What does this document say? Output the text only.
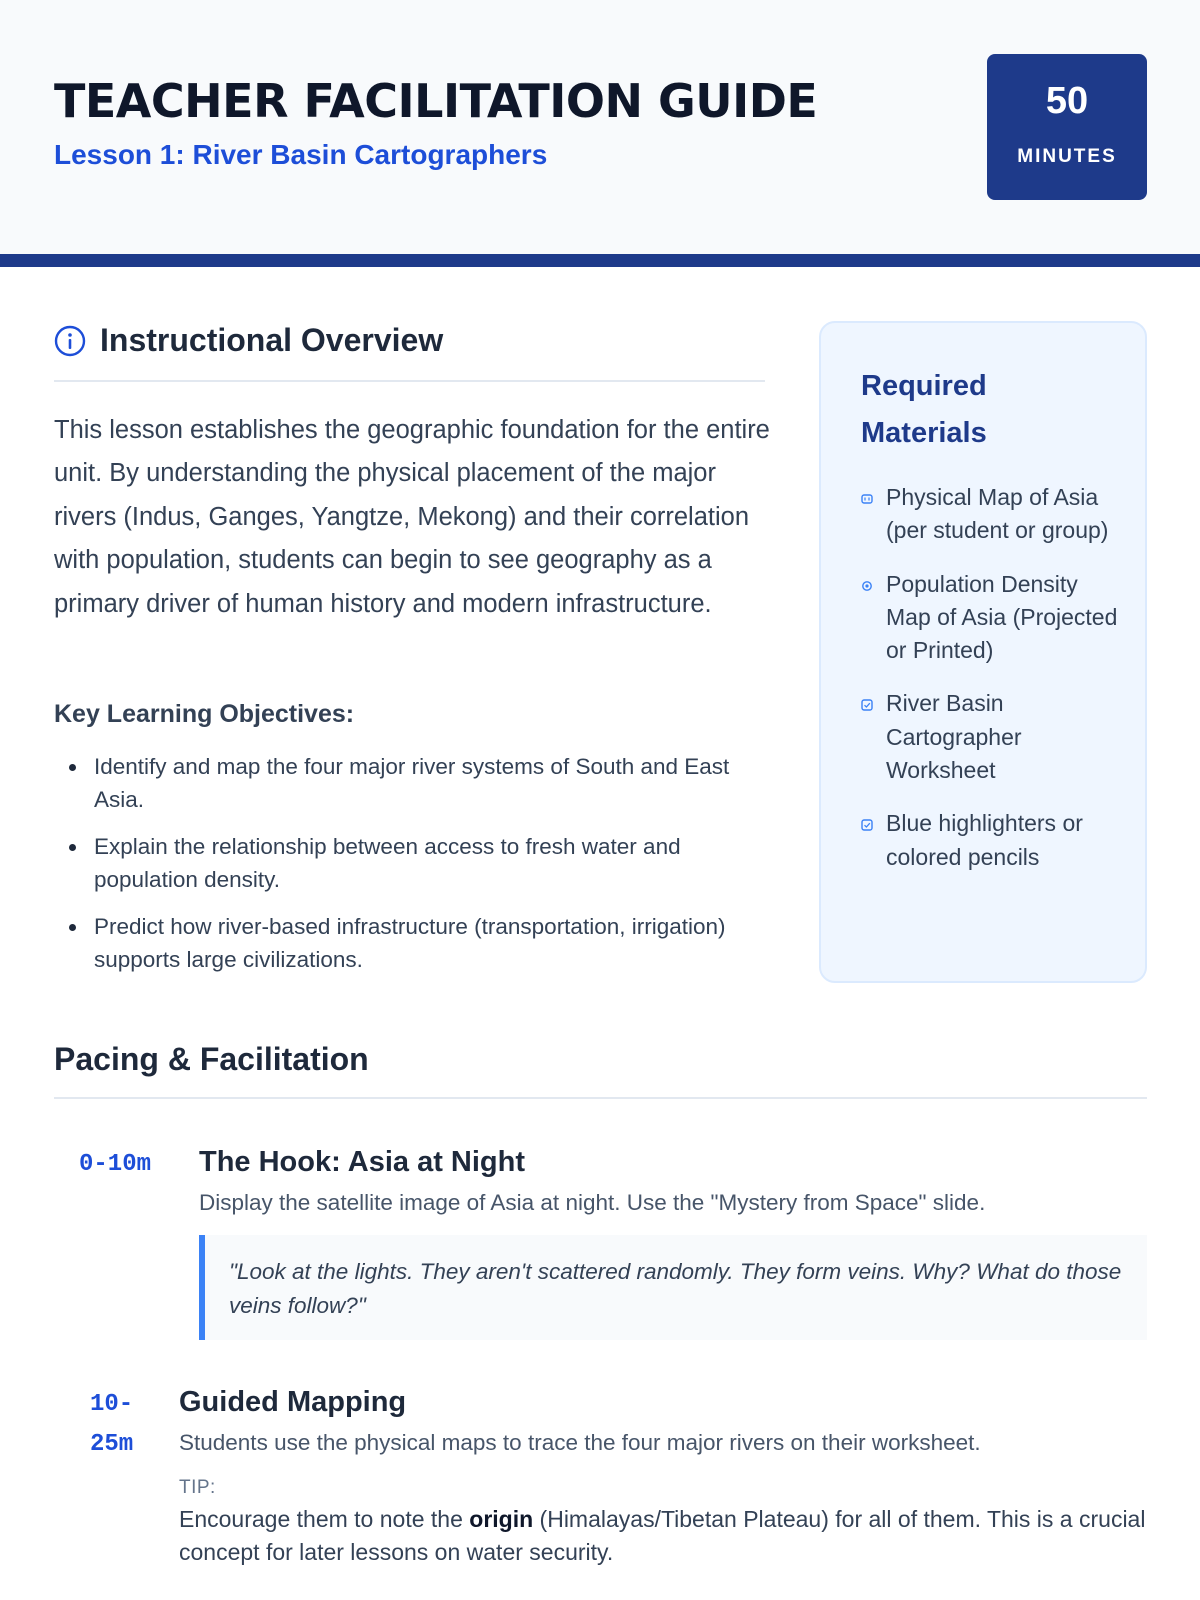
TEACHER FACILITATION GUIDE
Lesson 1: River Basin Cartographers
50
MINUTES
Instructional Overview

This lesson establishes the geographic foundation for the entire unit. By understanding the physical placement of the major rivers (Indus, Ganges, Yangtze, Mekong) and their correlation with population, students can begin to see geography as a primary driver of human history and modern infrastructure.

Key Learning Objectives:
Identify and map the four major river systems of South and East Asia.
Explain the relationship between access to fresh water and population density.
Predict how river-based infrastructure (transportation, irrigation) supports large civilizations.
Required Materials
Physical Map of Asia (per student or group)
Population Density Map of Asia (Projected or Printed)
River Basin Cartographer Worksheet
Blue highlighters or colored pencils
Pacing & Facilitation
0-10m The Hook: Asia at Night
Display the satellite image of Asia at night. Use the "Mystery from Space" slide.
"Look at the lights. They aren't scattered randomly. They form veins. Why? What do those veins follow?"
10-
25m
Guided Mapping
Students use the physical maps to trace the four major rivers on their worksheet.
TIP:

Encourage them to note the origin (Himalayas/Tibetan Plateau) for all of them. This is a crucial concept for later lessons on water security.
